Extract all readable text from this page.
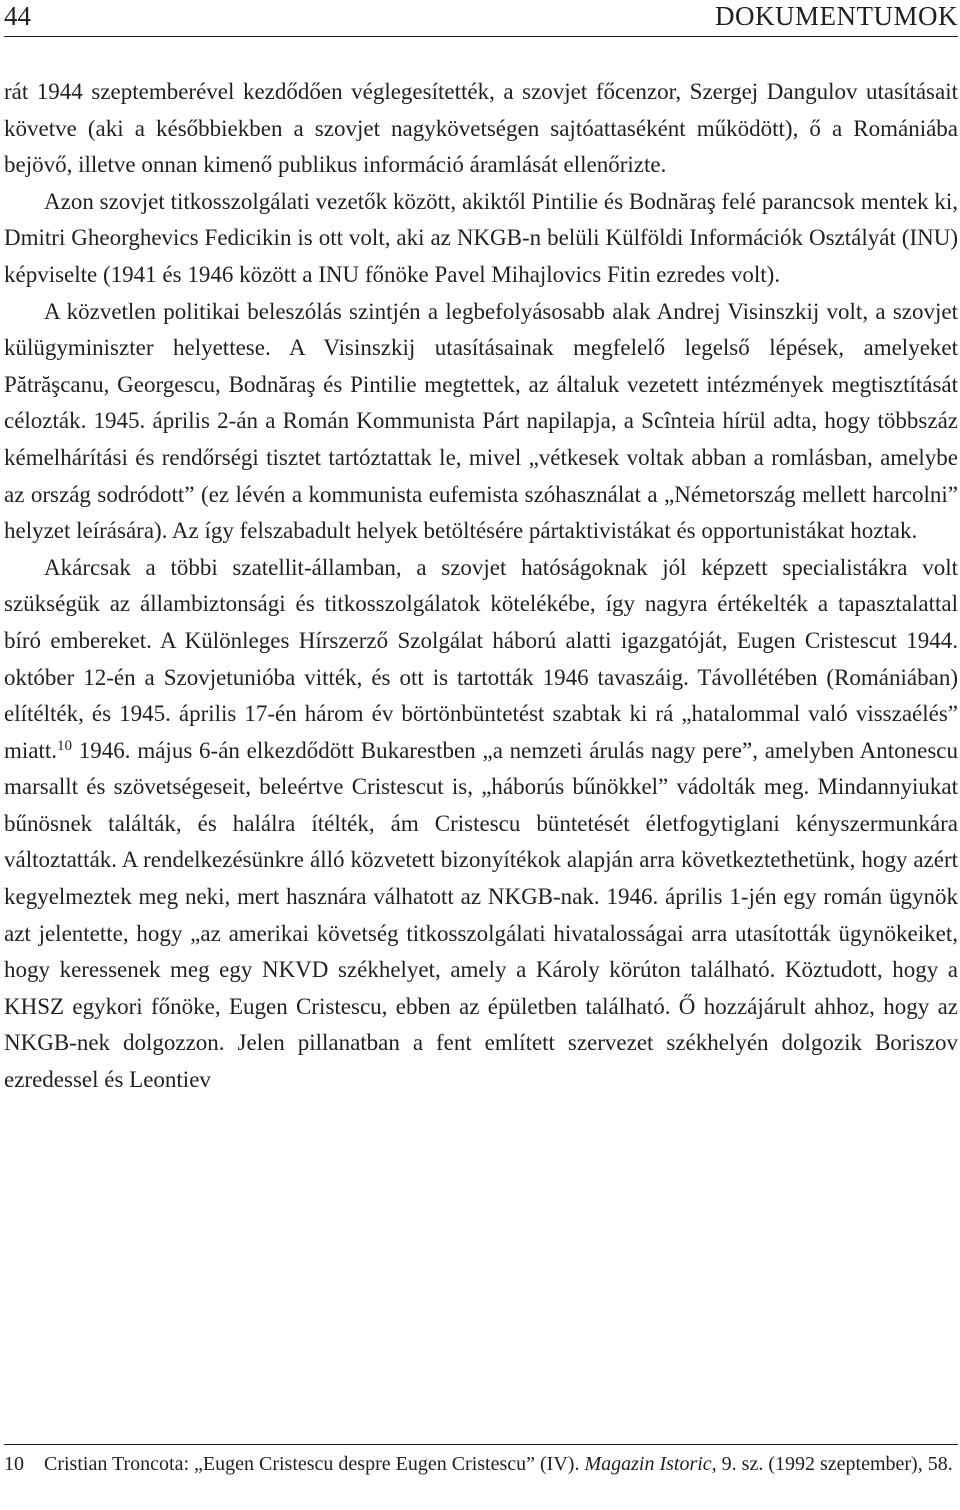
44	DOKUMENTUMOK

rát 1944 szeptemberével kezdődően véglegesítették, a szovjet főcenzor, Szergej Dangulov utasításait követve (aki a későbbiekben a szovjet nagykövetségen sajtóattaséként működött), ő a Romániába bejövő, illetve onnan kimenő publikus információ áramlását ellenőrizte.

Azon szovjet titkosszolgálati vezetők között, akiktől Pintilie és Bodnăraş felé parancsok mentek ki, Dmitri Gheorghevics Fedicikin is ott volt, aki az NKGB-n belüli Külföldi Információk Osztályát (INU) képviselte (1941 és 1946 között a INU főnöke Pavel Mihajlovics Fitin ezredes volt).

A közvetlen politikai beleszólás szintjén a legbefolyásosabb alak Andrej Visinszkij volt, a szovjet külügyminiszter helyettese. A Visinszkij utasításainak megfelelő legelső lépések, amelyeket Pătrăşcanu, Georgescu, Bodnăraş és Pintilie megtettek, az általuk vezetett intézmények megtisztítását célozták. 1945. április 2-án a Román Kommunista Párt napilapja, a Scînteia hírül adta, hogy többszáz kémelhárítási és rendőrségi tisztet tartóztattak le, mivel „vétkesek voltak abban a romlásban, amelybe az ország sodródott” (ez lévén a kommunista eufemista szóhasználat a „Németország mellett harcolni” helyzet leírására). Az így felszabadult helyek betöltésére pártaktivistákat és opportunistákat hoztak.

Akárcsak a többi szatellit-államban, a szovjet hatóságoknak jól képzett specialistákra volt szükségük az állambiztonsági és titkosszolgálatok kötelékébe, így nagyra értékelték a tapasztalattal bíró embereket. A Különleges Hírszerző Szolgálat háború alatti igazgatóját, Eugen Cristescut 1944. október 12-én a Szovjetunióba vitték, és ott is tartották 1946 tavaszáig. Távollétében (Romániában) elítélték, és 1945. április 17-én három év börtönbüntetést szabtak ki rá „hatalommal való visszaélés” miatt.$^{10}$ 1946. május 6-án elkezdődött Bukarestben „a nemzeti árulás nagy pere”, amelyben Antonescu marsallt és szövetségeseit, beleértve Cristescut is, „háborús bűnökkel” vádolták meg. Mindannyiukat bűnösnek találták, és halálra ítélték, ám Cristescu büntetését életfogytiglani kényszermunkára változtatták. A rendelkezésünkre álló közvetett bizonyítékok alapján arra következtethetünk, hogy azért kegyelmeztek meg neki, mert hasznára válhatott az NKGB-nak. 1946. április 1-jén egy román ügynök azt jelentette, hogy „az amerikai követség titkosszolgálati hivatalosságai arra utasították ügynökeiket, hogy keressenek meg egy NKVD székhelyet, amely a Károly körúton található. Köztudott, hogy a KHSZ egykori főnöke, Eugen Cristescu, ebben az épületben található. Ő hozzájárult ahhoz, hogy az NKGB-nek dolgozzon. Jelen pillanatban a fent említett szervezet székhelyén dolgozik Boriszov ezredessel és Leontiev

10 Cristian Troncota: „Eugen Cristescu despre Eugen Cristescu” (IV). Magazin Istoric, 9. sz. (1992 szeptember), 58.
